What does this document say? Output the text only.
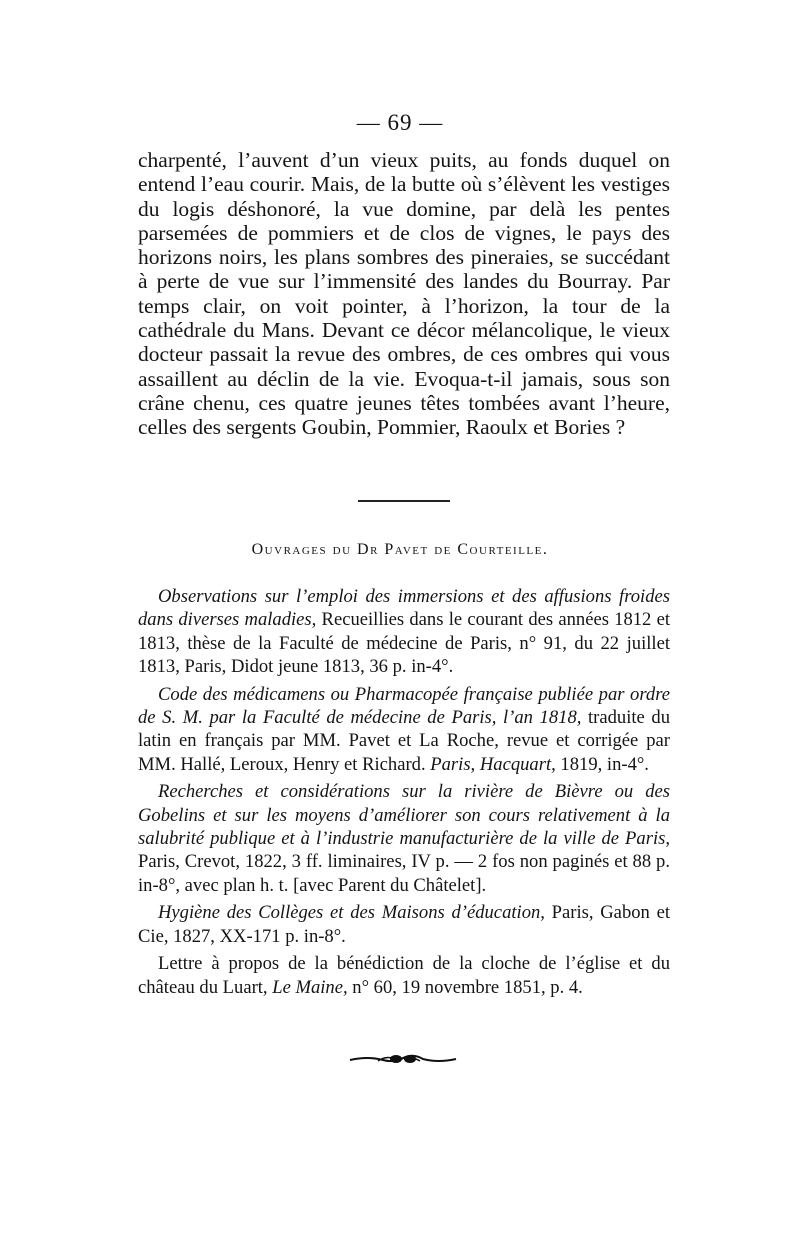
— 69 —

charpenté, l’auvent d’un vieux puits, au fonds duquel on entend l’eau courir. Mais, de la butte où s’élèvent les vestiges du logis déshonoré, la vue domine, par delà les pentes parsemées de pommiers et de clos de vignes, le pays des horizons noirs, les plans sombres des pineraies, se succédant à perte de vue sur l’immensité des landes du Bourray. Par temps clair, on voit pointer, à l’horizon, la tour de la cathédrale du Mans. Devant ce décor mélancolique, le vieux docteur passait la revue des ombres, de ces ombres qui vous assaillent au déclin de la vie. Evoqua-t-il jamais, sous son crâne chenu, ces quatre jeunes têtes tombées avant l’heure, celles des sergents Goubin, Pommier, Raoulx et Bories ?

Ouvrages du Dr Pavet de Courteille.

Observations sur l’emploi des immersions et des affusions froides dans diverses maladies, Recueillies dans le courant des années 1812 et 1813, thèse de la Faculté de médecine de Paris, n° 91, du 22 juillet 1813, Paris, Didot jeune 1813, 36 p. in-4°.

Code des médicamens ou Pharmacopée française publiée par ordre de S. M. par la Faculté de médecine de Paris, l’an 1818, traduite du latin en français par MM. Pavet et La Roche, revue et corrigée par MM. Hallé, Leroux, Henry et Richard. Paris, Hacquart, 1819, in-4°.

Recherches et considérations sur la rivière de Bièvre ou des Gobelins et sur les moyens d’améliorer son cours relativement à la salubrité publique et à l’industrie manufacturière de la ville de Paris, Paris, Crevot, 1822, 3 ff. liminaires, IV p. — 2 fos non paginés et 88 p. in-8°, avec plan h. t. [avec Parent du Châtelet].

Hygiène des Collèges et des Maisons d’éducation, Paris, Gabon et Cie, 1827, XX-171 p. in-8°.

Lettre à propos de la bénédiction de la cloche de l’église et du château du Luart, Le Maine, n° 60, 19 novembre 1851, p. 4.
